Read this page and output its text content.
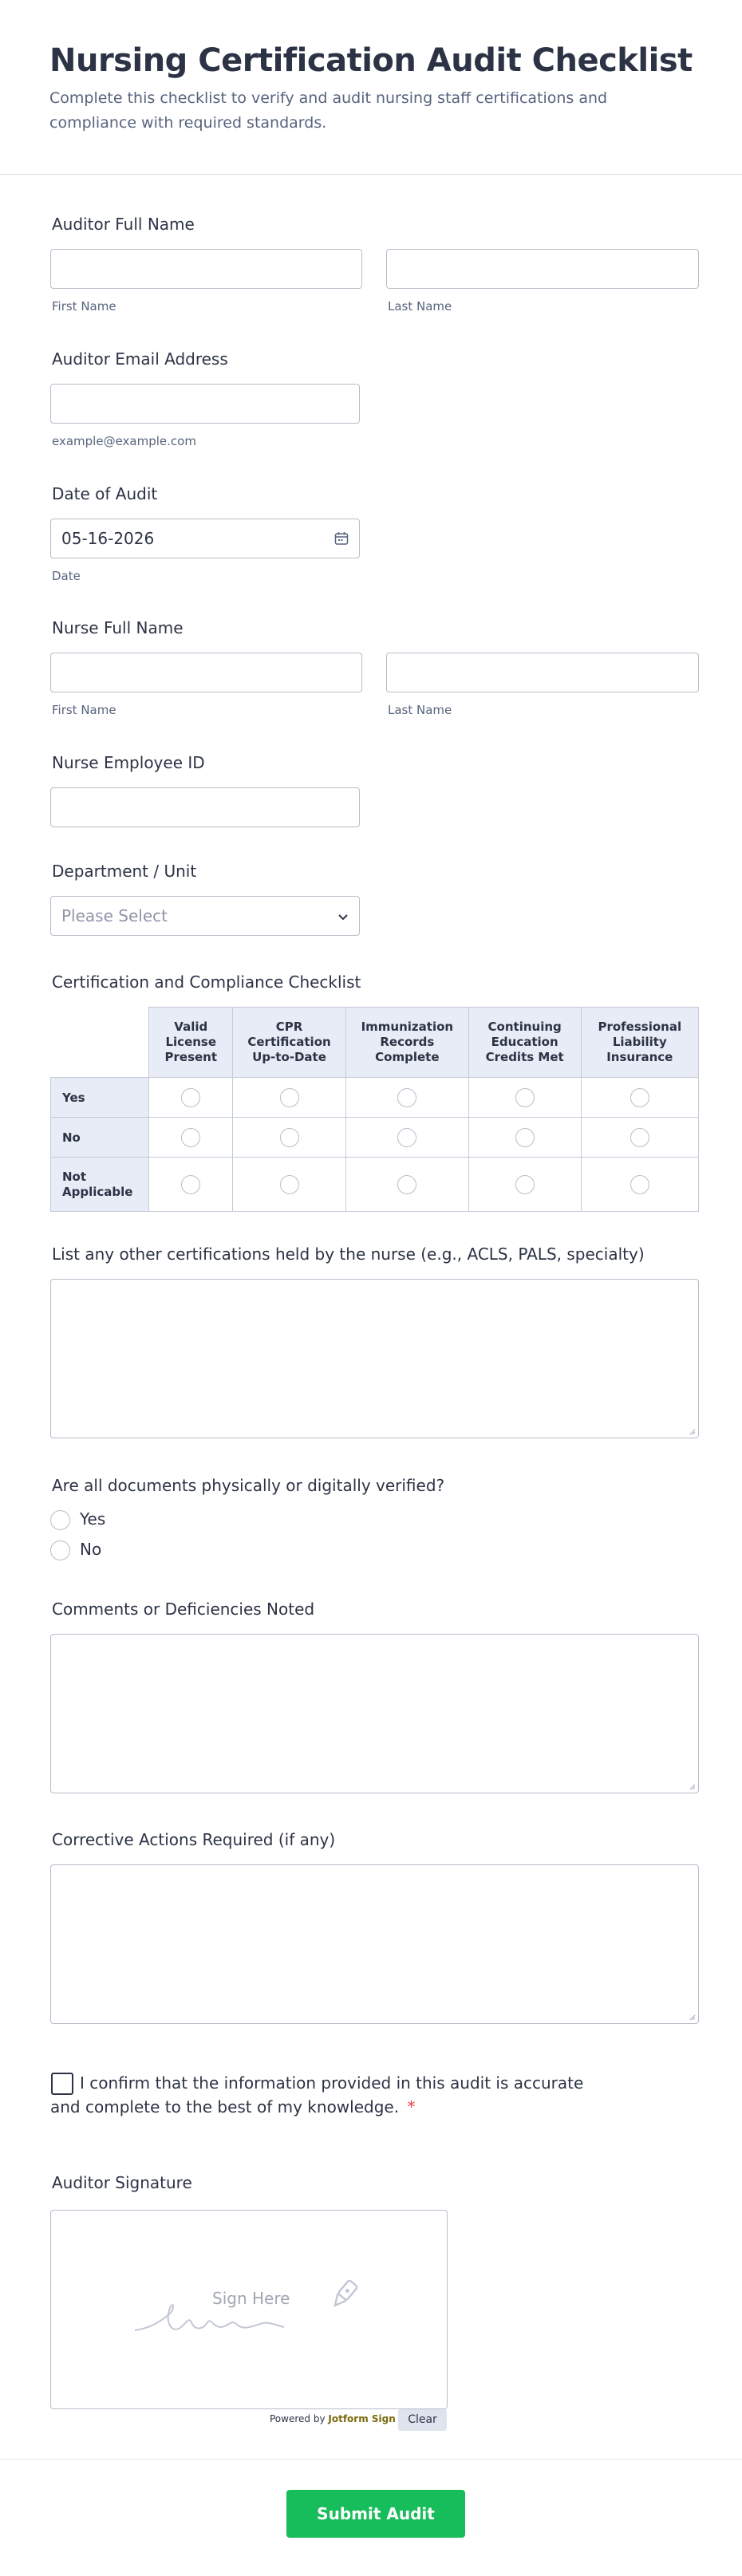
Nursing Certification Audit Checklist

Complete this checklist to verify and audit nursing staff certifications and compliance with required standards.

Auditor Full Name
First Name	Last Name
Auditor Email Address
example@example.com
Date of Audit
05-16-2026
Date
Nurse Full Name
First Name	Last Name
Nurse Employee ID
Department / Unit
Please Select
Certification and Compliance Checklist
	Valid License Present	CPR Certification Up-to-Date	Immunization Records Complete	Continuing Education Credits Met	Professional Liability Insurance
Yes					
No					
Not Applicable					
List any other certifications held by the nurse (e.g., ACLS, PALS, specialty)
Are all documents physically or digitally verified?
Yes
No
Comments or Deficiencies Noted
Corrective Actions Required (if any)
I confirm that the information provided in this audit is accurate and complete to the best of my knowledge. *
Auditor Signature
Sign Here
Powered by Jotform Sign	Clear
Submit Audit
